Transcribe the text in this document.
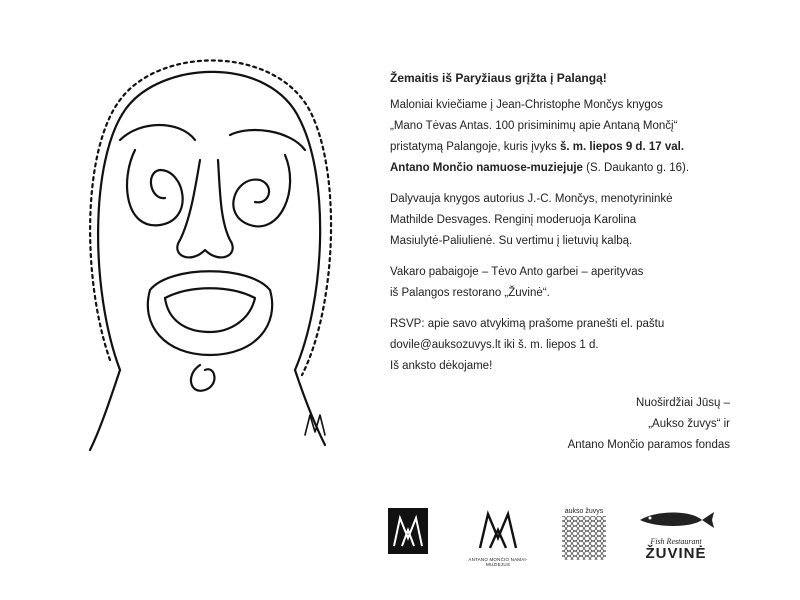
Žemaitis iš Paryžiaus grįžta į Palangą!

Maloniai kviečiame į Jean-Christophe Mončys knygos
„Mano Tėvas Antas. 100 prisiminimų apie Antaną Mončį“
pristatymą Palangoje, kuris įvyks š. m. liepos 9 d. 17 val.
Antano Mončio namuose-muziejuje (S. Daukanto g. 16).

Dalyvauja knygos autorius J.-C. Mončys, menotyrininkė
Mathilde Desvages. Renginį moderuoja Karolina
Masiulytė-Paliulienė. Su vertimu į lietuvių kalbą.

Vakaro pabaigoje – Tėvo Anto garbei – aperityvas
iš Palangos restorano „Žuvinė“.

RSVP: apie savo atvykimą prašome pranešti el. paštu
dovile@auksozuvys.lt iki š. m. liepos 1 d.
Iš anksto dėkojame!

Nuoširdžiai Jūsų –
„Aukso žuvys“ ir
Antano Mončio paramos fondas
ANTANO MONČIO NAMAI-MUZIEJUS
aukso žuvys
Fish Restaurant
ŽUVINĖ
